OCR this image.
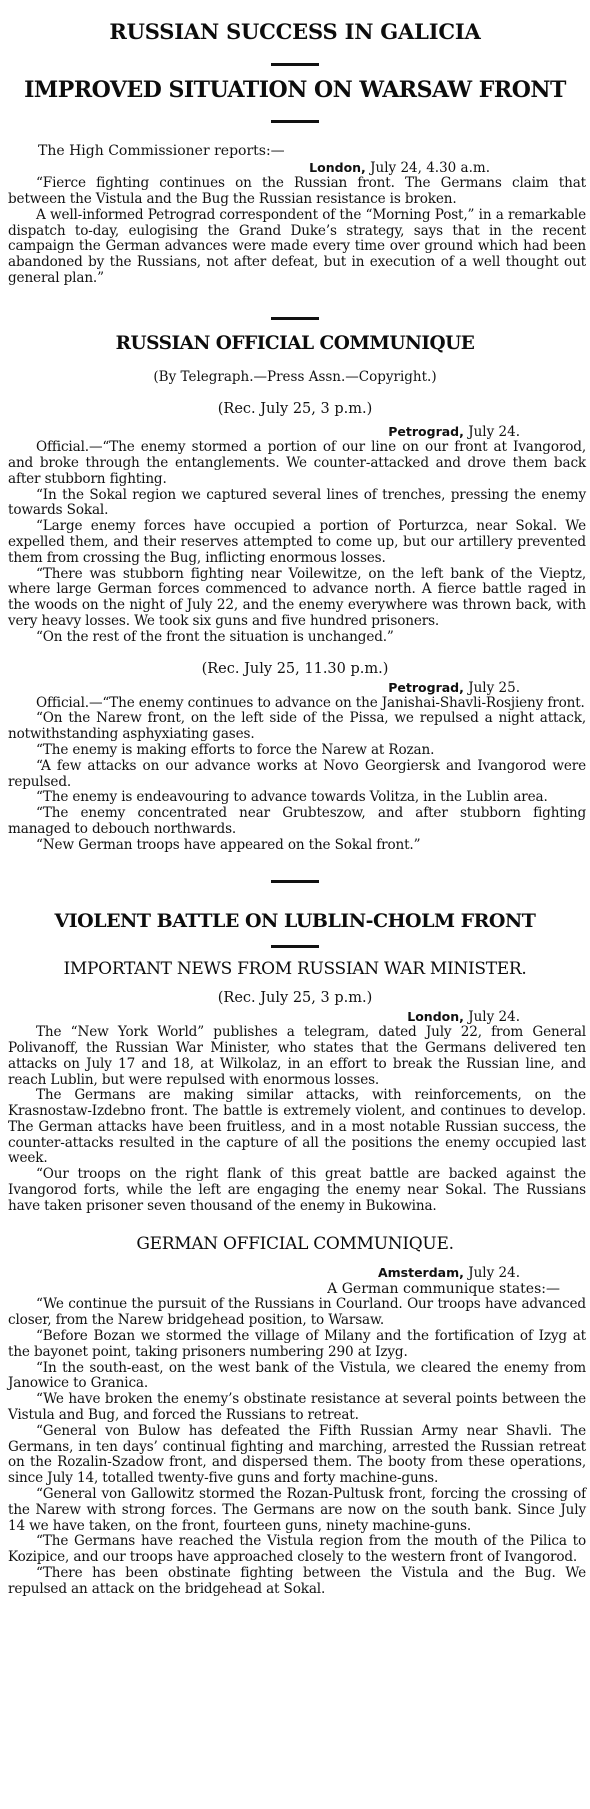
RUSSIAN SUCCESS IN GALICIA
IMPROVED SITUATION ON WARSAW FRONT

The High Commissioner reports:—

London, July 24, 4.30 a.m.

“Fierce fighting continues on the Russian front. The Germans claim that between the Vistula and the Bug the Russian resistance is broken.

A well-informed Petrograd correspondent of the “Morning Post,” in a remarkable dispatch to-day, eulogising the Grand Duke’s strategy, says that in the recent campaign the German advances were made every time over ground which had been abandoned by the Russians, not after defeat, but in execution of a well thought out general plan.”

RUSSIAN OFFICIAL COMMUNIQUE

(By Telegraph.—Press Assn.—Copyright.)

(Rec. July 25, 3 p.m.)

Petrograd, July 24.

Official.—“The enemy stormed a portion of our line on our front at Ivangorod, and broke through the entanglements. We counter-attacked and drove them back after stubborn fighting.

“In the Sokal region we captured several lines of trenches, pressing the enemy towards Sokal.

“Large enemy forces have occupied a portion of Porturzca, near Sokal. We expelled them, and their reserves attempted to come up, but our artillery prevented them from crossing the Bug, inflicting enormous losses.

“There was stubborn fighting near Voilewitze, on the left bank of the Vieptz, where large German forces commenced to advance north. A fierce battle raged in the woods on the night of July 22, and the enemy everywhere was thrown back, with very heavy losses. We took six guns and five hundred prisoners.

“On the rest of the front the situation is unchanged.”

(Rec. July 25, 11.30 p.m.)

Petrograd, July 25.

Official.—“The enemy continues to advance on the Janishai-Shavli-Rosjieny front.

“On the Narew front, on the left side of the Pissa, we repulsed a night attack, notwithstanding asphyxiating gases.

“The enemy is making efforts to force the Narew at Rozan.

“A few attacks on our advance works at Novo Georgiersk and Ivangorod were repulsed.

“The enemy is endeavouring to advance towards Volitza, in the Lublin area.

“The enemy concentrated near Grubteszow, and after stubborn fighting managed to debouch northwards.

“New German troops have appeared on the Sokal front.”

VIOLENT BATTLE ON LUBLIN-CHOLM FRONT
IMPORTANT NEWS FROM RUSSIAN WAR MINISTER.

(Rec. July 25, 3 p.m.)

London, July 24.

The “New York World” publishes a telegram, dated July 22, from General Polivanoff, the Russian War Minister, who states that the Germans delivered ten attacks on July 17 and 18, at Wilkolaz, in an effort to break the Russian line, and reach Lublin, but were repulsed with enormous losses.

The Germans are making similar attacks, with reinforcements, on the Krasnostaw-Izdebno front. The battle is extremely violent, and continues to develop. The German attacks have been fruitless, and in a most notable Russian success, the counter-attacks resulted in the capture of all the positions the enemy occupied last week.

“Our troops on the right flank of this great battle are backed against the Ivangorod forts, while the left are engaging the enemy near Sokal. The Russians have taken prisoner seven thousand of the enemy in Bukowina.

GERMAN OFFICIAL COMMUNIQUE.

Amsterdam, July 24.

A German communique states:—

“We continue the pursuit of the Russians in Courland. Our troops have advanced closer, from the Narew bridgehead position, to Warsaw.

“Before Bozan we stormed the village of Milany and the fortification of Izyg at the bayonet point, taking prisoners numbering 290 at Izyg.

“In the south-east, on the west bank of the Vistula, we cleared the enemy from Janowice to Granica.

“We have broken the enemy’s obstinate resistance at several points between the Vistula and Bug, and forced the Russians to retreat.

“General von Bulow has defeated the Fifth Russian Army near Shavli. The Germans, in ten days’ continual fighting and marching, arrested the Russian retreat on the Rozalin-Szadow front, and dispersed them. The booty from these operations, since July 14, totalled twenty-five guns and forty machine-guns.

“General von Gallowitz stormed the Rozan-Pultusk front, forcing the crossing of the Narew with strong forces. The Germans are now on the south bank. Since July 14 we have taken, on the front, fourteen guns, ninety machine-guns.

“The Germans have reached the Vistula region from the mouth of the Pilica to Kozipice, and our troops have approached closely to the western front of Ivangorod.

“There has been obstinate fighting between the Vistula and the Bug. We repulsed an attack on the bridgehead at Sokal.
